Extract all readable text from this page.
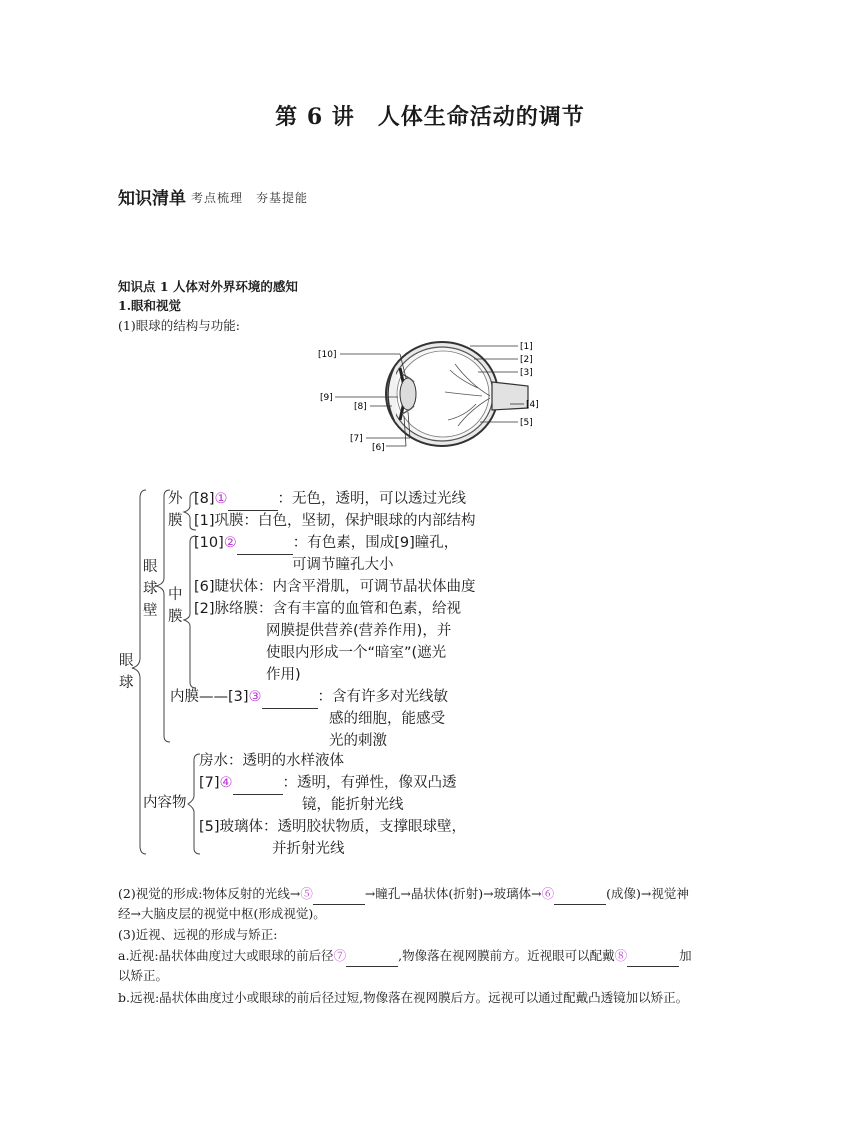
第 6 讲　人体生命活动的调节
知识清单 考点梳理　夯基提能
知识点 1 人体对外界环境的感知
1.眼和视觉
(1)眼球的结构与功能:
[10]
[9]
[8]
[7]
[6]
[1]
[2]
[3]
[4]
[5]
眼
球
眼
球
壁
外
膜
中
膜
内容物
[8]①	：无色，透明，可以透过光线
[1]巩膜：白色，坚韧，保护眼球的内部结构
[10]②	：有色素，围成[9]瞳孔，
可调节瞳孔大小
[6]睫状体：内含平滑肌，可调节晶状体曲度
[2]脉络膜：含有丰富的血管和色素，给视
网膜提供营养(营养作用)，并
使眼内形成一个“暗室”(遮光
作用)
内膜——[3]③	：含有许多对光线敏
感的细胞，能感受
光的刺激
房水：透明的水样液体
[7]④	：透明，有弹性，像双凸透
镜，能折射光线
[5]玻璃体：透明胶状物质，支撑眼球壁，
并折射光线
(2)视觉的形成:物体反射的光线→⑤	→瞳孔→晶状体(折射)→玻璃体→⑥	(成像)→视觉神
经→大脑皮层的视觉中枢(形成视觉)。
(3)近视、远视的形成与矫正:
a.近视:晶状体曲度过大或眼球的前后径⑦	,物像落在视网膜前方。近视眼可以配戴⑧	加
以矫正。
b.远视:晶状体曲度过小或眼球的前后径过短,物像落在视网膜后方。远视可以通过配戴凸透镜加以矫正。
